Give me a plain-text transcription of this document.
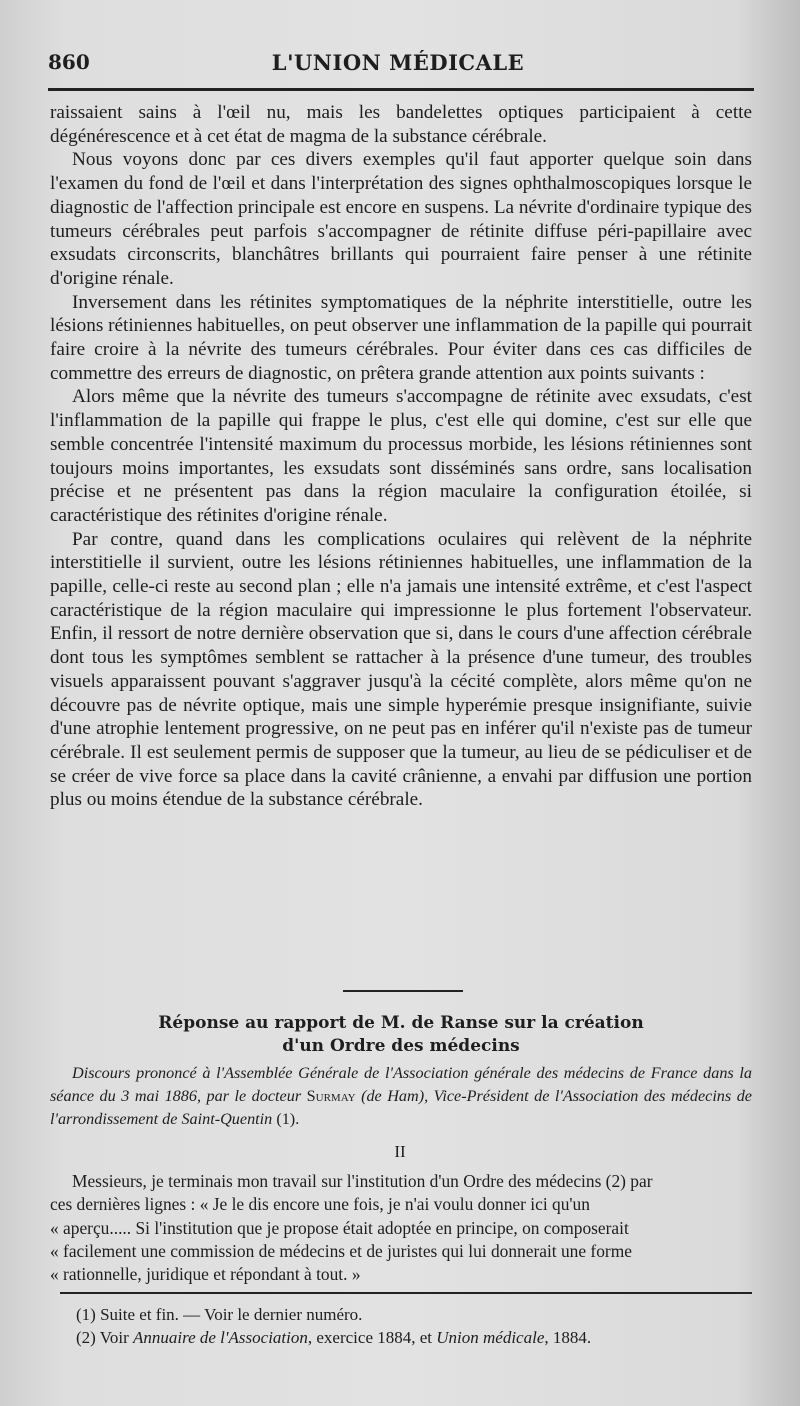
860	L'UNION MÉDICALE

raissaient sains à l'œil nu, mais les bandelettes optiques participaient à cette dégénérescence et à cet état de magma de la substance cérébrale.

Nous voyons donc par ces divers exemples qu'il faut apporter quelque soin dans l'examen du fond de l'œil et dans l'interprétation des signes ophthalmoscopiques lorsque le diagnostic de l'affection principale est encore en suspens. La névrite d'ordinaire typique des tumeurs cérébrales peut parfois s'accompagner de rétinite diffuse péri-papillaire avec exsudats circonscrits, blanchâtres brillants qui pourraient faire penser à une rétinite d'origine rénale.

Inversement dans les rétinites symptomatiques de la néphrite interstitielle, outre les lésions rétiniennes habituelles, on peut observer une inflammation de la papille qui pourrait faire croire à la névrite des tumeurs cérébrales. Pour éviter dans ces cas difficiles de commettre des erreurs de diagnostic, on prêtera grande attention aux points suivants :

Alors même que la névrite des tumeurs s'accompagne de rétinite avec exsudats, c'est l'inflammation de la papille qui frappe le plus, c'est elle qui domine, c'est sur elle que semble concentrée l'intensité maximum du processus morbide, les lésions rétiniennes sont toujours moins importantes, les exsudats sont disséminés sans ordre, sans localisation précise et ne présentent pas dans la région maculaire la configuration étoilée, si caractéristique des rétinites d'origine rénale.

Par contre, quand dans les complications oculaires qui relèvent de la néphrite interstitielle il survient, outre les lésions rétiniennes habituelles, une inflammation de la papille, celle-ci reste au second plan ; elle n'a jamais une intensité extrême, et c'est l'aspect caractéristique de la région maculaire qui impressionne le plus fortement l'observateur. Enfin, il ressort de notre dernière observation que si, dans le cours d'une affection cérébrale dont tous les symptômes semblent se rattacher à la présence d'une tumeur, des troubles visuels apparaissent pouvant s'aggraver jusqu'à la cécité complète, alors même qu'on ne découvre pas de névrite optique, mais une simple hyperémie presque insignifiante, suivie d'une atrophie lentement progressive, on ne peut pas en inférer qu'il n'existe pas de tumeur cérébrale. Il est seulement permis de supposer que la tumeur, au lieu de se pédiculiser et de se créer de vive force sa place dans la cavité crânienne, a envahi par diffusion une portion plus ou moins étendue de la substance cérébrale.

Réponse au rapport de M. de Ranse sur la création
d'un Ordre des médecins
Discours prononcé à l'Assemblée Générale de l'Association générale des médecins de France dans la séance du 3 mai 1886, par le docteur Surmay (de Ham), Vice-Président de l'Association des médecins de l'arrondissement de Saint-Quentin (1).
II

Messieurs, je terminais mon travail sur l'institution d'un Ordre des médecins (2) par

ces dernières lignes : « Je le dis encore une fois, je n'ai voulu donner ici qu'un

« aperçu..... Si l'institution que je propose était adoptée en principe, on composerait

« facilement une commission de médecins et de juristes qui lui donnerait une forme

« rationnelle, juridique et répondant à tout. »

(1) Suite et fin. — Voir le dernier numéro.

(2) Voir Annuaire de l'Association, exercice 1884, et Union médicale, 1884.
